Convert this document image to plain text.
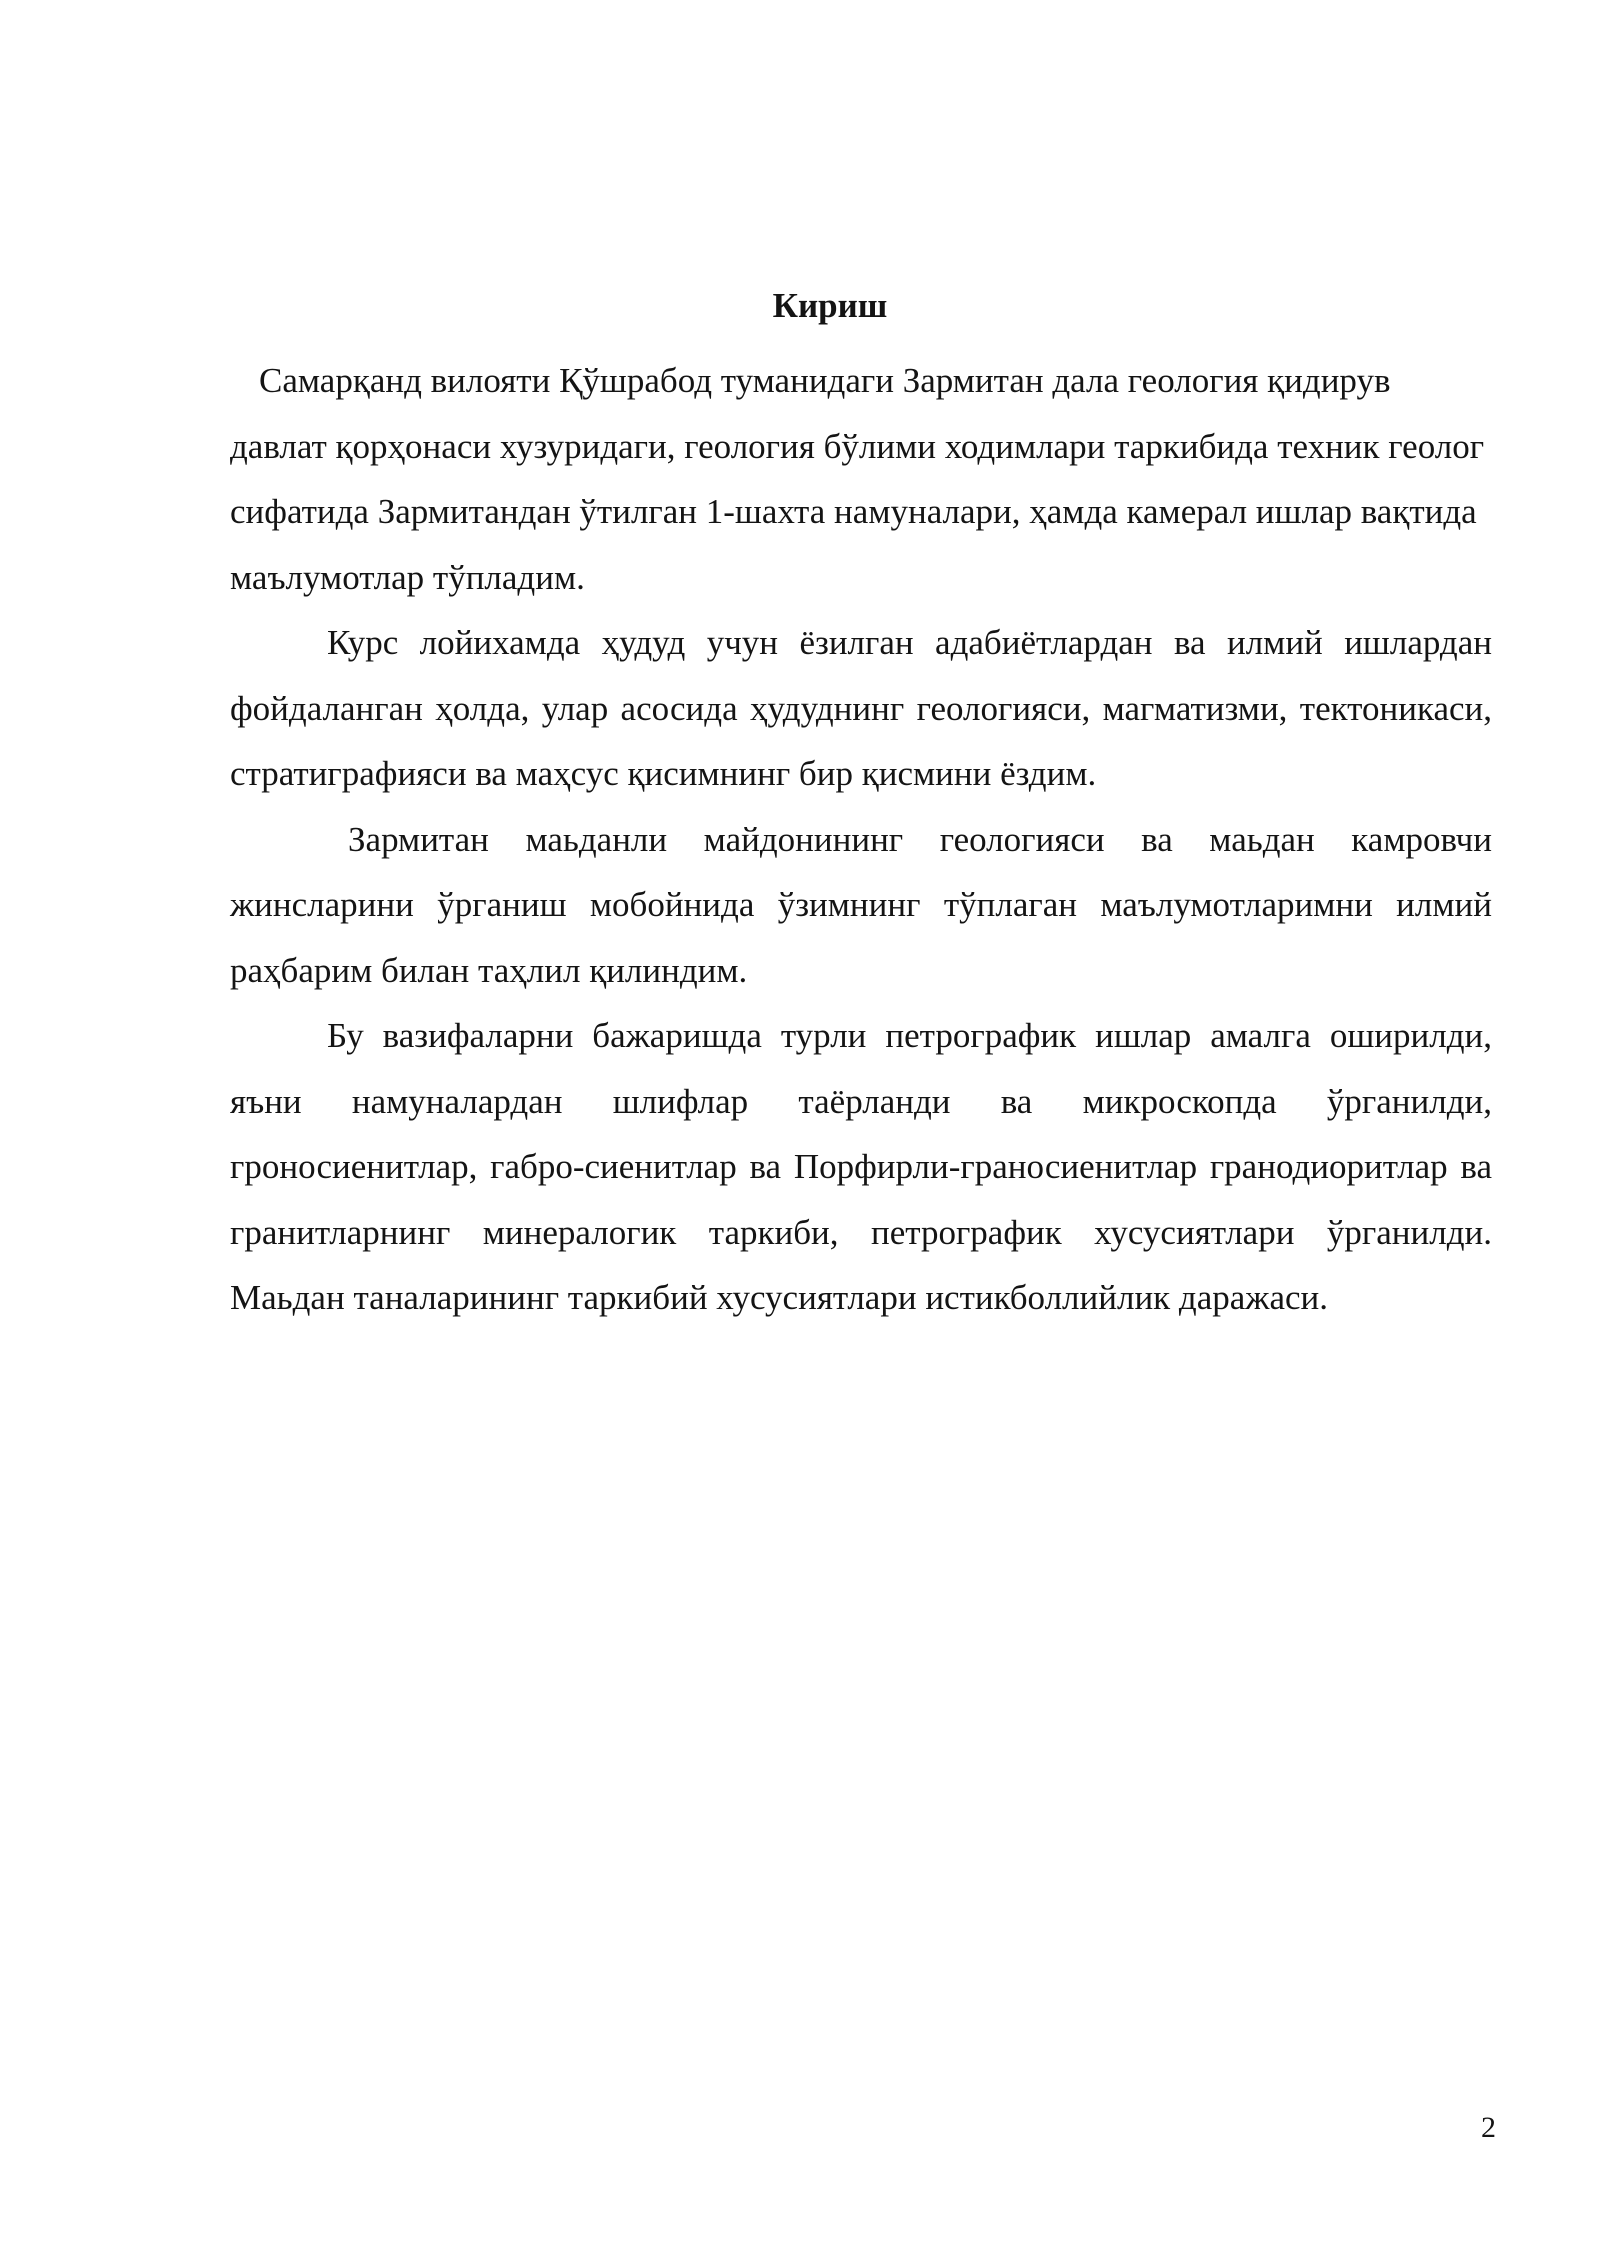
Кириш

Самарқанд вилояти Қўшрабод туманидаги Зармитан дала геология қидирув давлат қорҳонаси хузуридаги, геология бўлими ходимлари таркибида техник геолог сифатида Зармитандан ўтилган 1-шахта намуналари, ҳамда камерал ишлар вақтида маълумотлар тўпладим.

Курс лойихамда ҳудуд учун ёзилган адабиётлардан ва илмий ишлардан фойдаланган ҳолда, улар асосида ҳудуднинг геологияси, магматизми, тектоникаси, стратиграфияси ва маҳсус қисимнинг бир қисмини ёздим.

Зармитан маьданли майдонининг геологияси ва маьдан камровчи жинсларини ўрганиш мобойнида ўзимнинг тўплаган маълумотларимни илмий раҳбарим билан таҳлил қилиндим.

Бу вазифаларни бажаришда турли петрографик ишлар амалга оширилди, яъни намуналардан шлифлар таёрланди ва микроскопда ўрганилди, гроносиенитлар, габро-сиенитлар ва Порфирли-граносиенитлар гранодиоритлар ва гранитларнинг минералогик таркиби, петрографик хусусиятлари ўрганилди. Маьдан таналарининг таркибий хусусиятлари истикболлийлик даражаси.

2
